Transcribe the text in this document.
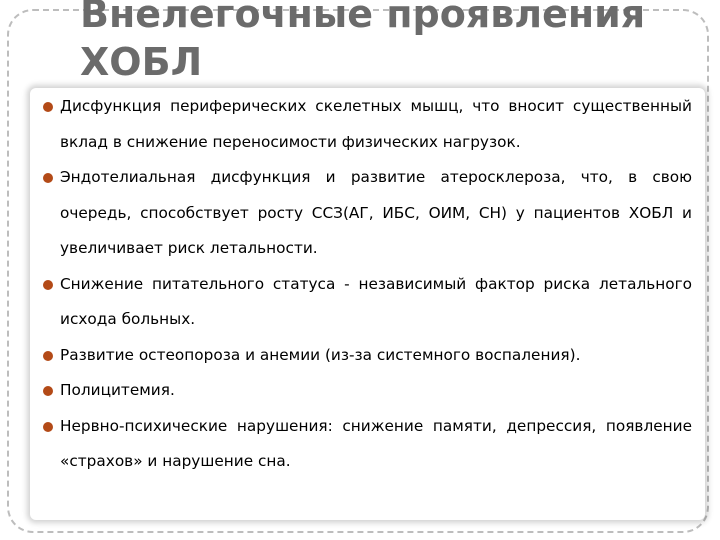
Внелегочные проявления
ХОБЛ
Дисфункция периферических скелетных мышц, что вносит существенный вклад в снижение переносимости физических нагрузок.
Эндотелиальная дисфункция и развитие атеросклероза, что, в свою очередь, способствует росту ССЗ(АГ, ИБС, ОИМ, СН) у пациентов ХОБЛ и увеличивает риск летальности.
Снижение питательного статуса - независимый фактор риска летального исхода больных.
Развитие остеопороза и анемии (из-за системного воспаления).
Полицитемия.
Нервно-психические нарушения: снижение памяти, депрессия, появление «страхов» и нарушение сна.
